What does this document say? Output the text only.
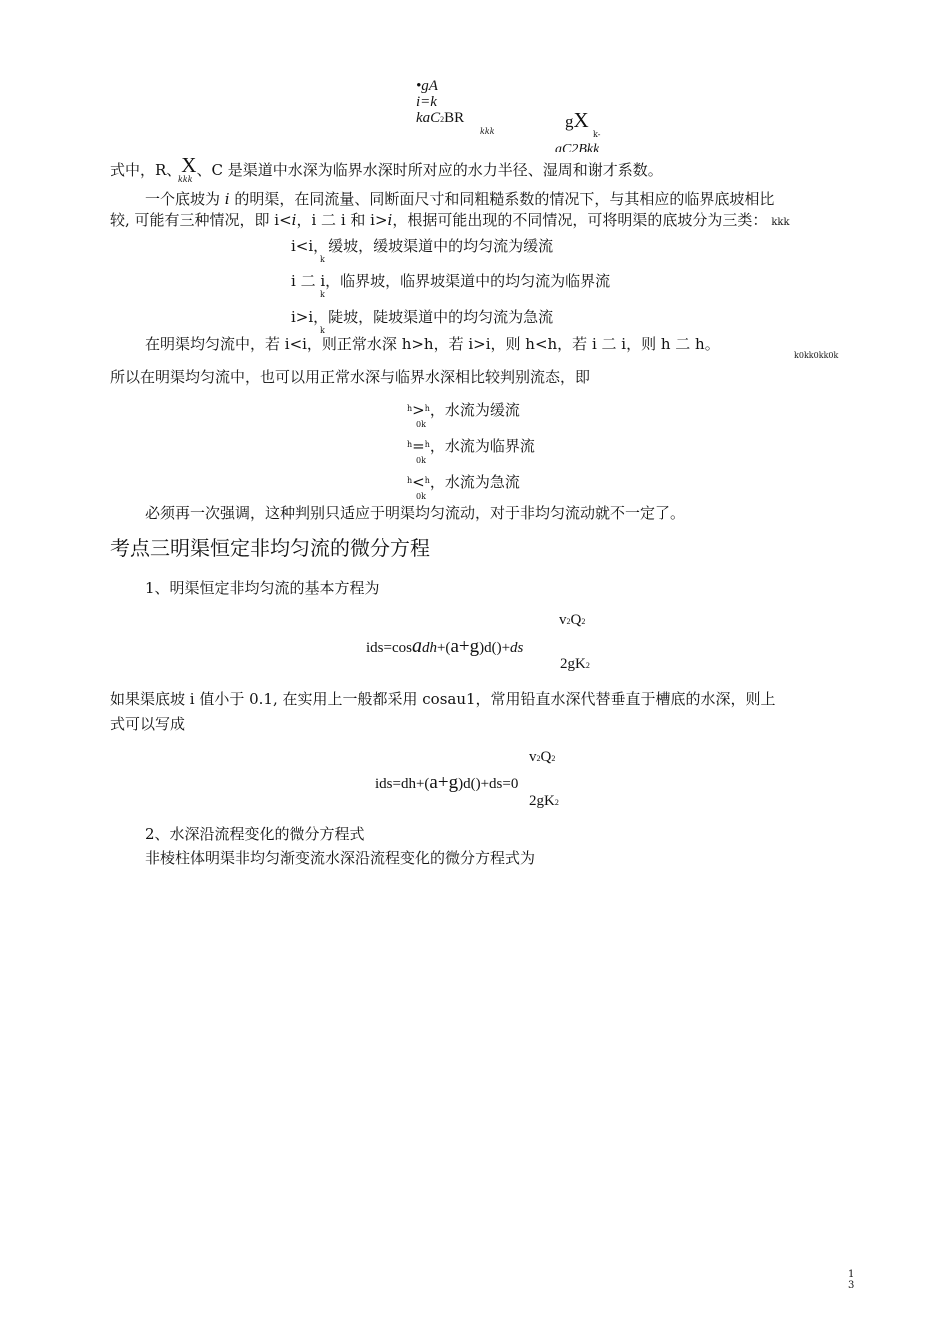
•gA
i=k
kaC2BR
kkk
gX
k-
aC2Bkk
式中，R、X、C 是渠道中水深为临界水深时所对应的水力半径、湿周和谢才系数。
kkk
一个底坡为 i 的明渠，在同流量、同断面尺寸和同粗糙系数的情况下，与其相应的临界底坡相比
较, 可能有三种情况，即 i<i，i 二 i 和 i>i，根据可能出现的不同情况，可将明渠的底坡分为三类： kkk
i<i，缓坡，缓坡渠道中的均匀流为缓流
k
i 二 i，临界坡，临界坡渠道中的均匀流为临界流
k
i>i，陡坡，陡坡渠道中的均匀流为急流
k
在明渠均匀流中，若 i<i，则正常水深 h>h，若 i>i，则 h<h，若 i 二 i，则 h 二 h。
k0kk0kk0k
所以在明渠均匀流中，也可以用正常水深与临界水深相比较判别流态，即
$^h$>$^h$，水流为缓流
0k
$^h$=$^h$，水流为临界流
0k
$^h$<$^h$，水流为急流
0k
必须再一次强调，这种判别只适应于明渠均匀流动，对于非均匀流动就不一定了。
考点三明渠恒定非均匀流的微分方程
1、明渠恒定非均匀流的基本方程为
v2Q2
ids=cosadh+(a+g)d()+ds
2gK2
如果渠底坡 i 值小于 0.1, 在实用上一般都采用 cosau1，常用铅直水深代替垂直于槽底的水深，则上
式可以写成
v2Q2
ids=dh+(a+g)d()+ds=0
2gK2
2、水深沿流程变化的微分方程式
非棱柱体明渠非均匀渐变流水深沿流程变化的微分方程式为
1
3
